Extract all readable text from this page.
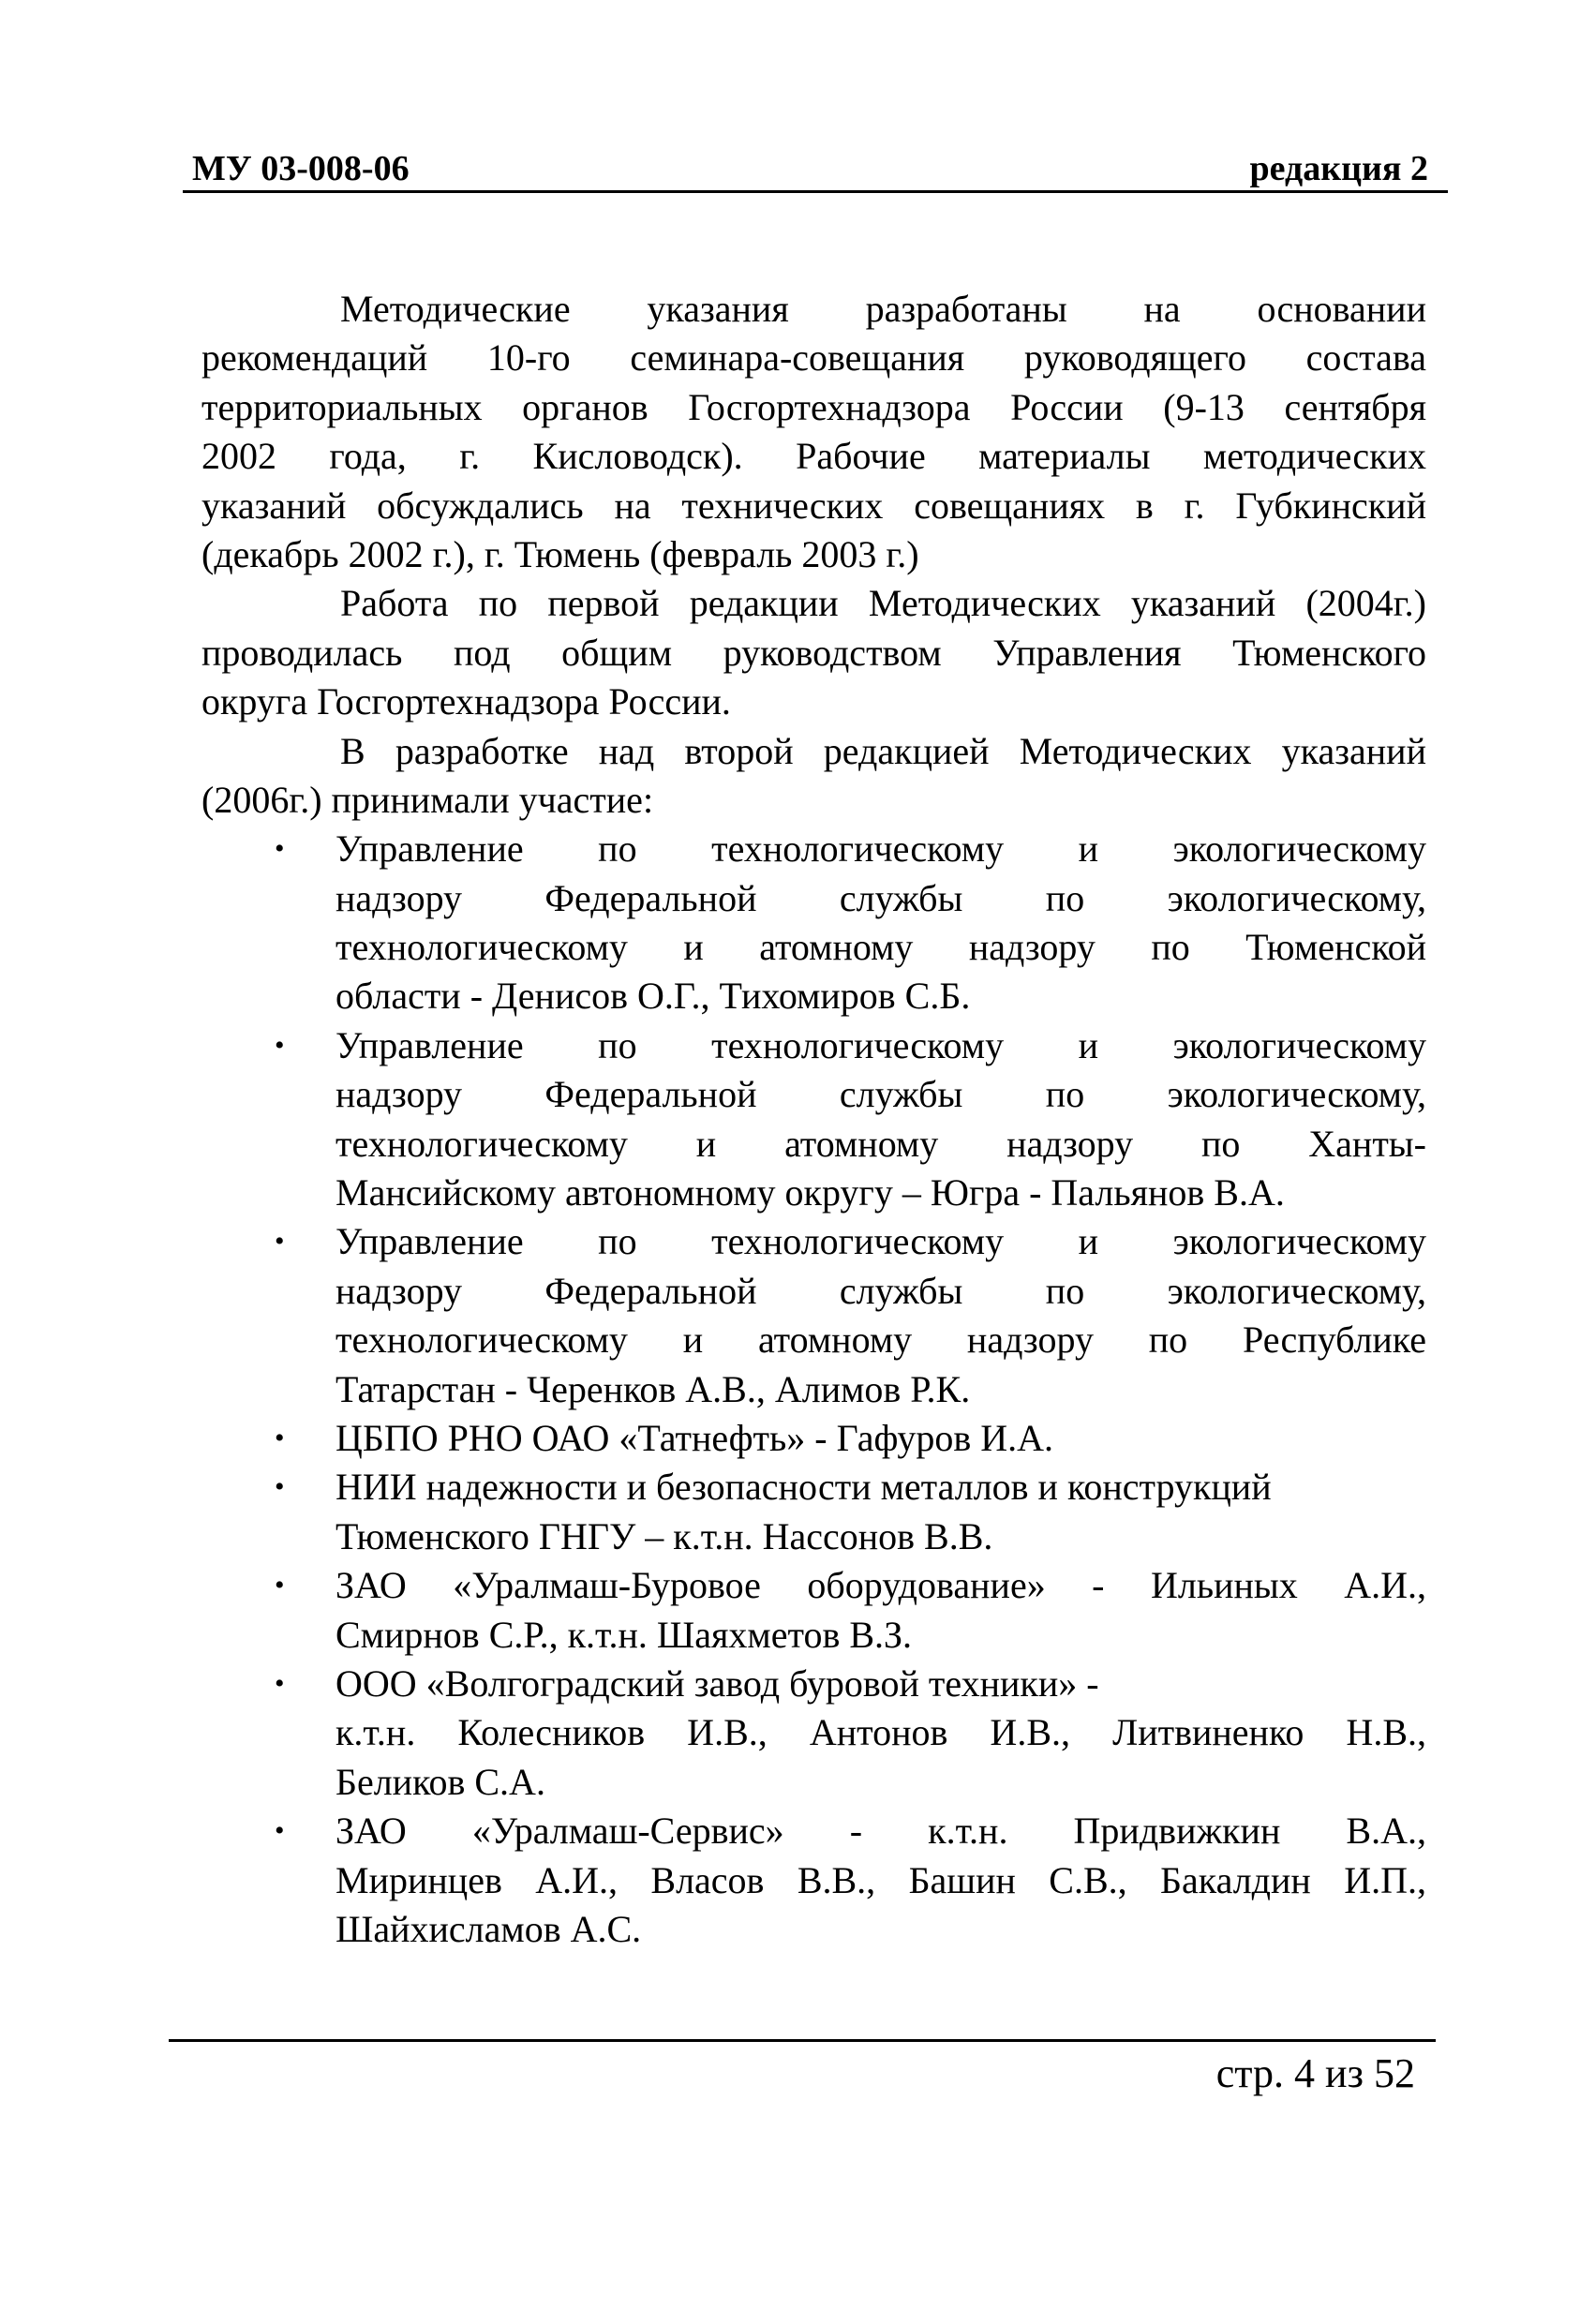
МУ 03-008-06	редакция 2
Методические указания разработаны на основании
рекомендаций 10-го семинара-совещания руководящего состава
территориальных органов Госгортехнадзора России (9-13 сентября
2002 года, г. Кисловодск). Рабочие материалы методических
указаний обсуждались на технических совещаниях в г. Губкинский
(декабрь 2002 г.), г. Тюмень (февраль 2003 г.)
Работа по первой редакции Методических указаний (2004г.)
проводилась под общим руководством Управления Тюменского
округа Госгортехнадзора России.
В разработке над второй редакцией Методических указаний
(2006г.) принимали участие:
• Управление по технологическому и экологическому
надзору Федеральной службы по экологическому,
технологическому и атомному надзору по Тюменской
области - Денисов О.Г., Тихомиров С.Б.
• Управление по технологическому и экологическому
надзору Федеральной службы по экологическому,
технологическому и атомному надзору по Ханты-
Мансийскому автономному округу – Югра - Пальянов В.А.
• Управление по технологическому и экологическому
надзору Федеральной службы по экологическому,
технологическому и атомному надзору по Республике
Татарстан - Черенков А.В., Алимов Р.К.
• ЦБПО РНО ОАО «Татнефть» - Гафуров И.А.
• НИИ надежности и безопасности металлов и конструкций
Тюменского ГНГУ – к.т.н. Нассонов В.В.
• ЗАО «Уралмаш-Буровое оборудование» - Ильиных А.И.,
Смирнов С.Р., к.т.н. Шаяхметов В.З.
• ООО «Волгоградский завод буровой техники» -
к.т.н. Колесников И.В., Антонов И.В., Литвиненко Н.В.,
Беликов С.А.
• ЗАО «Уралмаш-Сервис» - к.т.н. Придвижкин В.А.,
Миринцев А.И., Власов В.В., Башин С.В., Бакалдин И.П.,
Шайхисламов А.С.
стр. 4 из 52
